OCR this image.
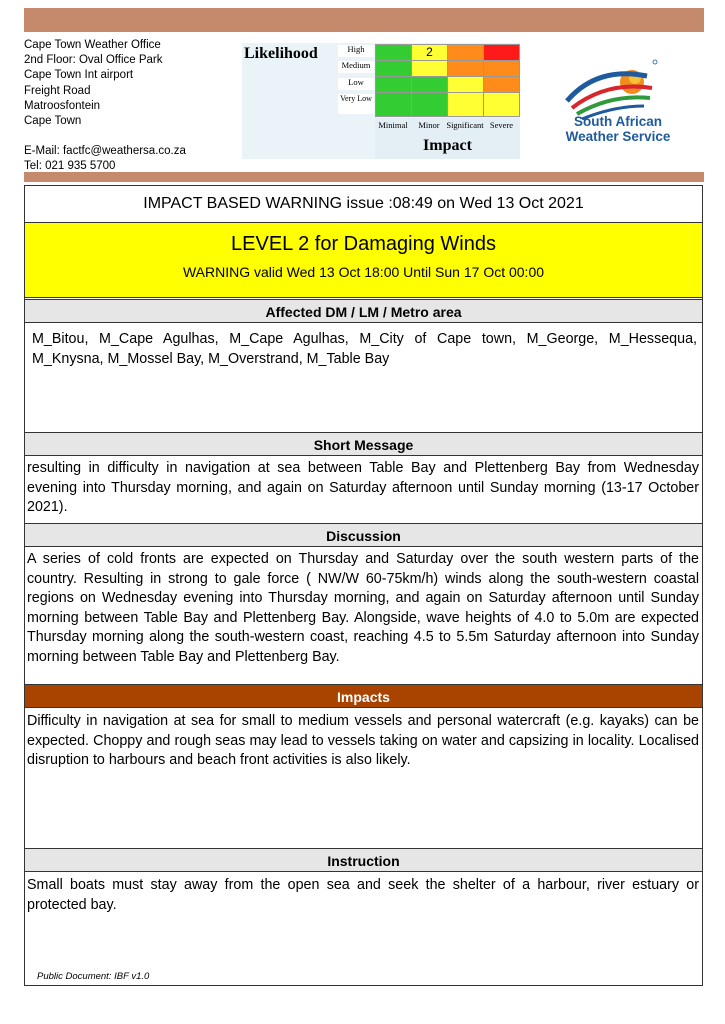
Cape Town Weather Office
2nd Floor: Oval Office Park
Cape Town Int airport
Freight Road
Matroosfontein
Cape Town
E-Mail: factfc@weathersa.co.za
Tel: 021 935 5700
Likelihood	High
Medium
Low
Very Low
2
Minimal	Minor Significant Severe
Impact
South African
Weather Service
IMPACT BASED WARNING issue :08:49 on Wed 13 Oct 2021
LEVEL 2 for Damaging Winds
WARNING valid Wed 13 Oct 18:00 Until Sun 17 Oct 00:00
Affected DM / LM / Metro area
M_Bitou, M_Cape Agulhas, M_Cape Agulhas, M_City of Cape town, M_George, M_Hessequa, M_Knysna, M_Mossel Bay, M_Overstrand, M_Table Bay
Short Message
resulting in difficulty in navigation at sea between Table Bay and Plettenberg Bay from Wednesday evening into Thursday morning, and again on Saturday afternoon until Sunday morning (13-17 October 2021).
Discussion
A series of cold fronts are expected on Thursday and Saturday over the south western parts of the country. Resulting in strong to gale force ( NW/W 60-75km/h) winds along the south-western coastal regions on Wednesday evening into Thursday morning, and again on Saturday afternoon until Sunday morning between Table Bay and Plettenberg Bay. Alongside, wave heights of 4.0 to 5.0m are expected Thursday morning along the south-western coast, reaching 4.5 to 5.5m Saturday afternoon into Sunday morning between Table Bay and Plettenberg Bay.
Impacts
Difficulty in navigation at sea for small to medium vessels and personal watercraft (e.g. kayaks) can be expected. Choppy and rough seas may lead to vessels taking on water and capsizing in locality. Localised disruption to harbours and beach front activities is also likely.
Instruction
Small boats must stay away from the open sea and seek the shelter of a harbour, river estuary or protected bay.
Public Document: IBF v1.0
